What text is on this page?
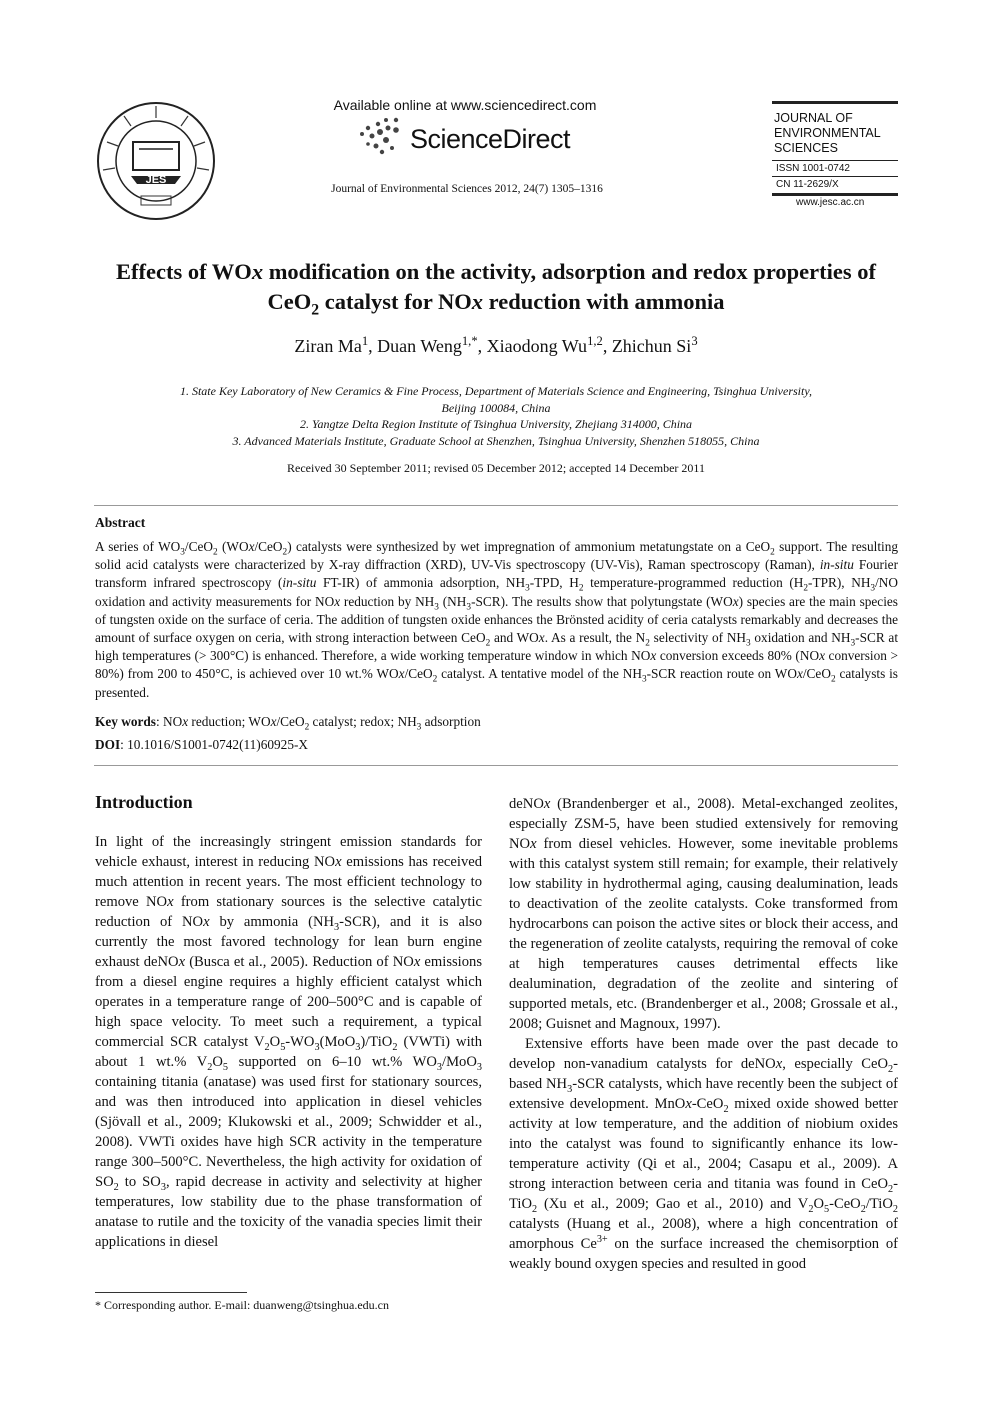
JES
Available online at www.sciencedirect.com
ScienceDirect
Journal of Environmental Sciences 2012, 24(7) 1305–1316
JOURNAL OF
ENVIRONMENTAL
SCIENCES
ISSN 1001-0742
CN 11-2629/X
www.jesc.ac.cn
Effects of WOx modification on the activity, adsorption and redox properties of
CeO$_2$ catalyst for NOx reduction with ammonia
Ziran Ma$^1$, Duan Weng$^{1,*}$, Xiaodong Wu$^{1,2}$, Zhichun Si$^3$
1. State Key Laboratory of New Ceramics & Fine Process, Department of Materials Science and Engineering, Tsinghua University,
Beijing 100084, China
2. Yangtze Delta Region Institute of Tsinghua University, Zhejiang 314000, China
3. Advanced Materials Institute, Graduate School at Shenzhen, Tsinghua University, Shenzhen 518055, China
Received 30 September 2011; revised 05 December 2012; accepted 14 December 2011
Abstract
A series of $WO_3/CeO_2$ (WOx/CeO$_2$) catalysts were synthesized by wet impregnation of ammonium metatungstate on a CeO$_2$ support. The resulting solid acid catalysts were characterized by X-ray diffraction (XRD), UV-Vis spectroscopy (UV-Vis), Raman spectroscopy (Raman), in-situ Fourier transform infrared spectroscopy (in-situ FT-IR) of ammonia adsorption, $NH_3$-TPD, $H_2$ temperature-programmed reduction $(H_2-TPR)$, $NH_3/NO$ oxidation and activity measurements for NOx reduction by $NH_3$ $(NH_3-SCR)$. The results show that polytungstate (WOx) species are the main species of tungsten oxide on the surface of ceria. The addition of tungsten oxide enhances the Brönsted acidity of ceria catalysts remarkably and decreases the amount of surface oxygen on ceria, with strong interaction between CeO$_2$ and WOx. As a result, the $N_2$ selectivity of $NH_3$ oxidation and $NH_3$-SCR at high temperatures (> 300°C) is enhanced. Therefore, a wide working temperature window in which NOx conversion exceeds 80% (NOx conversion > 80%) from 200 to 450°C, is achieved over 10 wt.% WOx/CeO$_2$ catalyst. A tentative model of the $NH_3$-SCR reaction route on WOx/CeO$_2$ catalysts is presented.
Key words: NOx reduction; WOx/CeO$_2$ catalyst; redox; $NH_3$ adsorption
DOI: 10.1016/S1001-0742(11)60925-X
Introduction

In light of the increasingly stringent emission standards for vehicle exhaust, interest in reducing NOx emissions has received much attention in recent years. The most efficient technology to remove NOx from stationary sources is the selective catalytic reduction of NOx by ammonia $(NH_3-SCR)$, and it is also currently the most favored technology for lean burn engine exhaust deNOx (Busca et al., 2005). Reduction of NOx emissions from a diesel engine requires a highly efficient catalyst which operates in a temperature range of 200–500°C and is capable of high space velocity. To meet such a requirement, a typical commercial SCR catalyst $V_2O_5-WO_3(MoO_3)/TiO_2$ (VWTi) with about 1 wt.% $V_2O_5$ supported on 6–10 wt.% $WO_3/MoO_3$ containing titania (anatase) was used first for stationary sources, and was then introduced into application in diesel vehicles (Sjövall et al., 2009; Klukowski et al., 2009; Schwidder et al., 2008). VWTi oxides have high SCR activity in the temperature range 300–500°C. Nevertheless, the high activity for oxidation of $SO_2$ to $SO_3$, rapid decrease in activity and selectivity at higher temperatures, low stability due to the phase transformation of anatase to rutile and the toxicity of the vanadia species limit their applications in diesel

deNOx (Brandenberger et al., 2008). Metal-exchanged zeolites, especially ZSM-5, have been studied extensively for removing NOx from diesel vehicles. However, some inevitable problems with this catalyst system still remain; for example, their relatively low stability in hydrothermal aging, causing dealumination, leads to deactivation of the zeolite catalysts. Coke transformed from hydrocarbons can poison the active sites or block their access, and the regeneration of zeolite catalysts, requiring the removal of coke at high temperatures causes detrimental effects like dealumination, degradation of the zeolite and sintering of supported metals, etc. (Brandenberger et al., 2008; Grossale et al., 2008; Guisnet and Magnoux, 1997).

Extensive efforts have been made over the past decade to develop non-vanadium catalysts for deNOx, especially CeO$_2$-based $NH_3$-SCR catalysts, which have recently been the subject of extensive development. MnOx-CeO$_2$ mixed oxide showed better activity at low temperature, and the addition of niobium oxides into the catalyst was found to significantly enhance its low-temperature activity (Qi et al., 2004; Casapu et al., 2009). A strong interaction between ceria and titania was found in CeO$_2$-TiO$_2$ (Xu et al., 2009; Gao et al., 2010) and $V_2O_5-CeO_2/TiO_2$ catalysts (Huang et al., 2008), where a high concentration of amorphous $Ce^{3+}$ on the surface increased the chemisorption of weakly bound oxygen species and resulted in good

* Corresponding author. E-mail: duanweng@tsinghua.edu.cn
